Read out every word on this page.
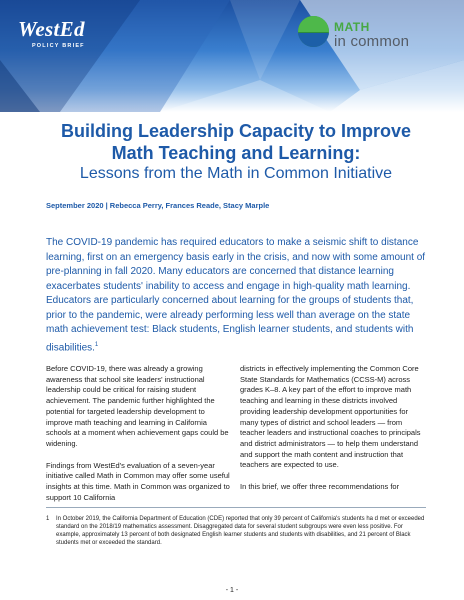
WestEd
POLICY BRIEF
MATH
in common
Building Leadership Capacity to Improve
Math Teaching and Learning:
Lessons from the Math in Common Initiative
September 2020 | Rebecca Perry, Frances Reade, Stacy Marple
The COVID-19 pandemic has required educators to make a seismic shift to distance learning, first on an emergency basis early in the crisis, and now with some amount of pre-planning in fall 2020. Many educators are concerned that distance learning exacerbates students' inability to access and engage in high-quality math learning. Educators are particularly concerned about learning for the groups of students that, prior to the pandemic, were already performing less well than average on the state math achievement test: Black students, English learner students, and students with disabilities.$^1$

Before COVID-19, there was already a growing awareness that school site leaders' instructional leadership could be critical for raising student achievement. The pandemic further highlighted the potential for targeted leadership development to improve math teaching and learning in California schools at a moment when achievement gaps could be widening.

Findings from WestEd's evaluation of a seven-year initiative called Math in Common may offer some useful insights at this time. Math in Common was organized to support 10 California

districts in effectively implementing the Common Core State Standards for Mathematics (CCSS-M) across grades K–8. A key part of the effort to improve math teaching and learning in these districts involved providing leadership development opportunities for many types of district and school leaders — from teacher leaders and instructional coaches to principals and district administrators — to help them understand and support the math content and instruction that teachers are expected to use.

In this brief, we offer three recommendations for

1 In October 2019, the California Department of Education (CDE) reported that only 39 percent of California's students ha d met or exceeded standard on the 2018/19 mathematics assessment. Disaggregated data for several student subgroups were even less positive. For example, approximately 13 percent of both designated English learner students and students with disabilities, and 21 percent of Black students met or exceeded the standard.
- 1 -
